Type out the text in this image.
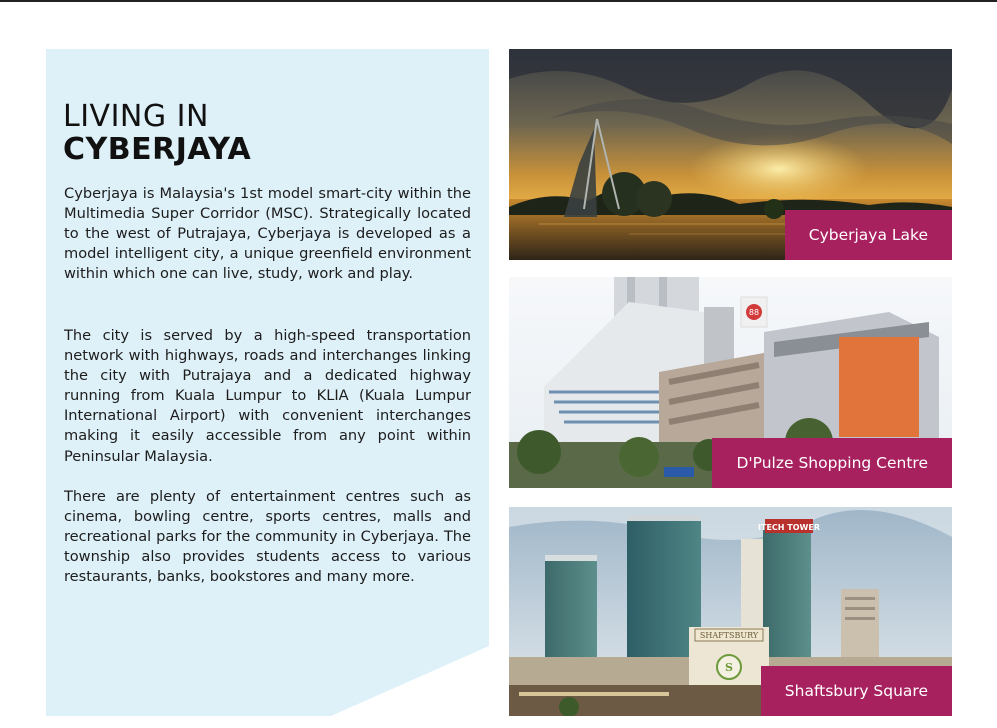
LIVING IN
CYBERJAYA

Cyberjaya is Malaysia's 1st model smart-city within the Multimedia Super Corridor (MSC). Strategically located to the west of Putrajaya, Cyberjaya is developed as a model intelligent city, a unique greenfield environment within which one can live, study, work and play.

The city is served by a high-speed transportation network with highways, roads and interchanges linking the city with Putrajaya and a dedicated highway running from Kuala Lumpur to KLIA (Kuala Lumpur International Airport) with convenient interchanges making it easily accessible from any point within Peninsular Malaysia.

There are plenty of entertainment centres such as cinema, bowling centre, sports centres, malls and recreational parks for the community in Cyberjaya. The township also provides students access to various restaurants, banks, bookstores and many more.

Cyberjaya Lake
88
D'Pulze Shopping Centre
ITECH TOWER
SHAFTSBURY
S
Shaftsbury Square
